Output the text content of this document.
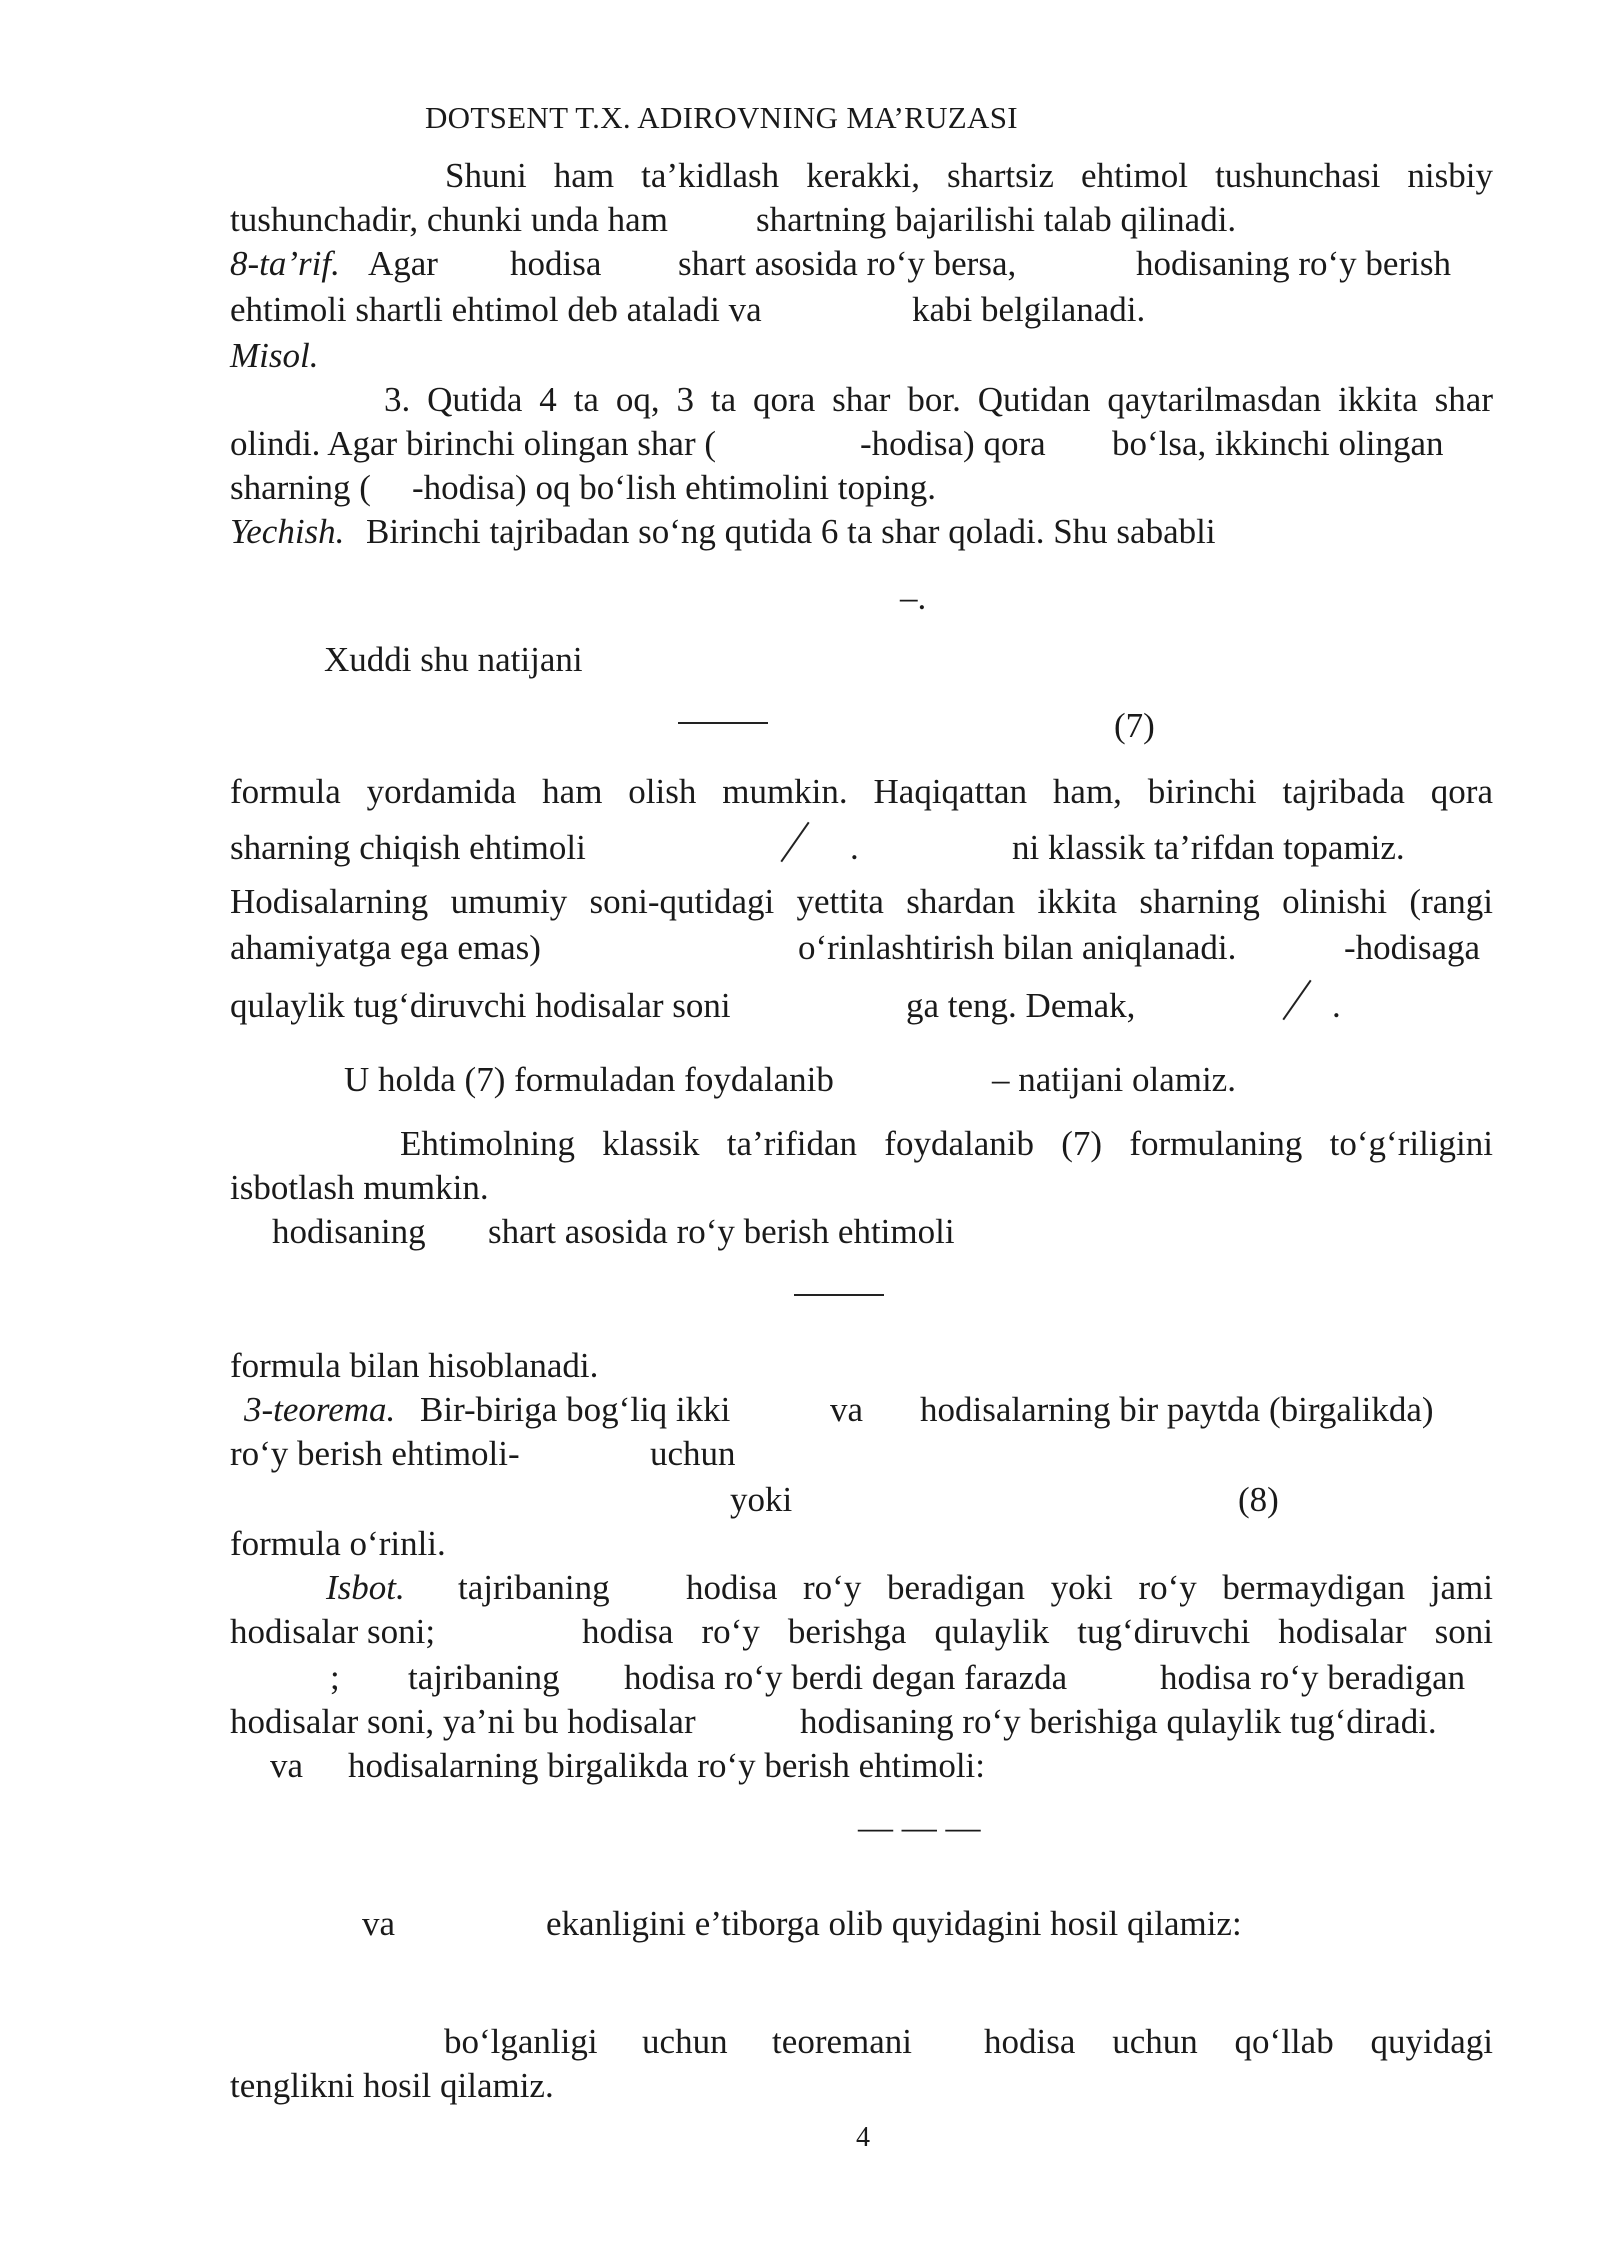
DOTSENT T.X. ADIROVNING MA’RUZASI
Shuni ham ta’kidlash kerakki, shartsiz ehtimol tushunchasi nisbiy
tushunchadir, chunki unda ham	shartning bajarilishi talab qilinadi.
8-ta’rif. Agar hodisa shart asosida ro‘y bersa,	hodisaning ro‘y berish
ehtimoli shartli ehtimol deb ataladi va	kabi belgilanadi.
Misol.
3. Qutida 4 ta oq, 3 ta qora shar bor. Qutidan qaytarilmasdan ikkita shar
olindi. Agar birinchi olingan shar (	-hodisa) qora bo‘lsa, ikkinchi olingan
sharning ( -hodisa) oq bo‘lish ehtimolini toping.
Yechish. Birinchi tajribadan so‘ng qutida 6 ta shar qoladi. Shu sababli
–.
Xuddi shu natijani
(7)
formula yordamida ham olish mumkin. Haqiqattan ham, birinchi tajribada qora
sharning chiqish ehtimoli	.	ni klassik ta’rifdan topamiz.
Hodisalarning umumiy soni-qutidagi yettita shardan ikkita sharning olinishi (rangi
ahamiyatga ega emas)	o‘rinlashtirish bilan aniqlanadi.	-hodisaga
qulaylik tug‘diruvchi hodisalar soni	ga teng. Demak,	.
U holda (7) formuladan foydalanib	– natijani olamiz.
Ehtimolning klassik ta’rifidan foydalanib (7) formulaning to‘g‘riligini
isbotlash mumkin.
hodisaning shart asosida ro‘y berish ehtimoli
formula bilan hisoblanadi.
3-teorema. Bir-biriga bog‘liq ikki	va hodisalarning bir paytda (birgalikda)
ro‘y berish ehtimoli-	uchun
yoki	(8)
formula o‘rinli.
Isbot. tajribaning hodisa ro‘y beradigan yoki ro‘y bermaydigan jami
hodisalar soni;	hodisa ro‘y berishga qulaylik tug‘diruvchi hodisalar soni
; tajribaning hodisa ro‘y berdi degan farazda	hodisa ro‘y beradigan
hodisalar soni, ya’ni bu hodisalar	hodisaning ro‘y berishiga qulaylik tug‘diradi.
va hodisalarning birgalikda ro‘y berish ehtimoli:
— — —
va	ekanligini e’tiborga olib quyidagini hosil qilamiz:
bo‘lganligi uchun teoremani hodisa uchun qo‘llab quyidagi
tenglikni hosil qilamiz.
4
